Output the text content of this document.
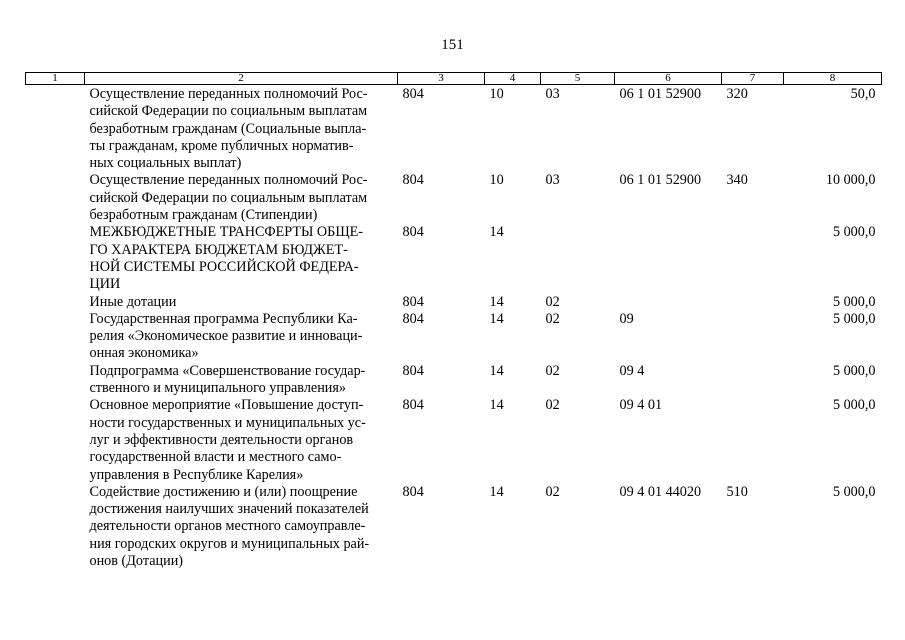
151
1	2	3	4	5	6	7	8
	Осуществление переданных полномочий Рос-
сийской Федерации по социальным выплатам
безработным гражданам (Социальные выпла-
ты гражданам, кроме публичных норматив-
ных социальных выплат)	804	10	03	06 1 01 52900	320	50,0
	Осуществление переданных полномочий Рос-
сийской Федерации по социальным выплатам
безработным гражданам (Стипендии)	804	10	03	06 1 01 52900	340	10 000,0
	МЕЖБЮДЖЕТНЫЕ ТРАНСФЕРТЫ ОБЩЕ-
ГО ХАРАКТЕРА БЮДЖЕТАМ БЮДЖЕТ-
НОЙ СИСТЕМЫ РОССИЙСКОЙ ФЕДЕРА-
ЦИИ	804	14				5 000,0
	Иные дотации	804	14	02			5 000,0
	Государственная программа Республики Ка-
релия «Экономическое развитие и инноваци-
онная экономика»	804	14	02	09		5 000,0
	Подпрограмма «Совершенствование государ-
ственного и муниципального управления»	804	14	02	09 4		5 000,0
	Основное мероприятие «Повышение доступ-
ности государственных и муниципальных ус-
луг и эффективности деятельности органов
государственной власти и местного само-
управления в Республике Карелия»	804	14	02	09 4 01		5 000,0
	Содействие достижению и (или) поощрение
достижения наилучших значений показателей
деятельности органов местного самоуправле-
ния городских округов и муниципальных рай-
онов (Дотации)	804	14	02	09 4 01 44020	510	5 000,0
